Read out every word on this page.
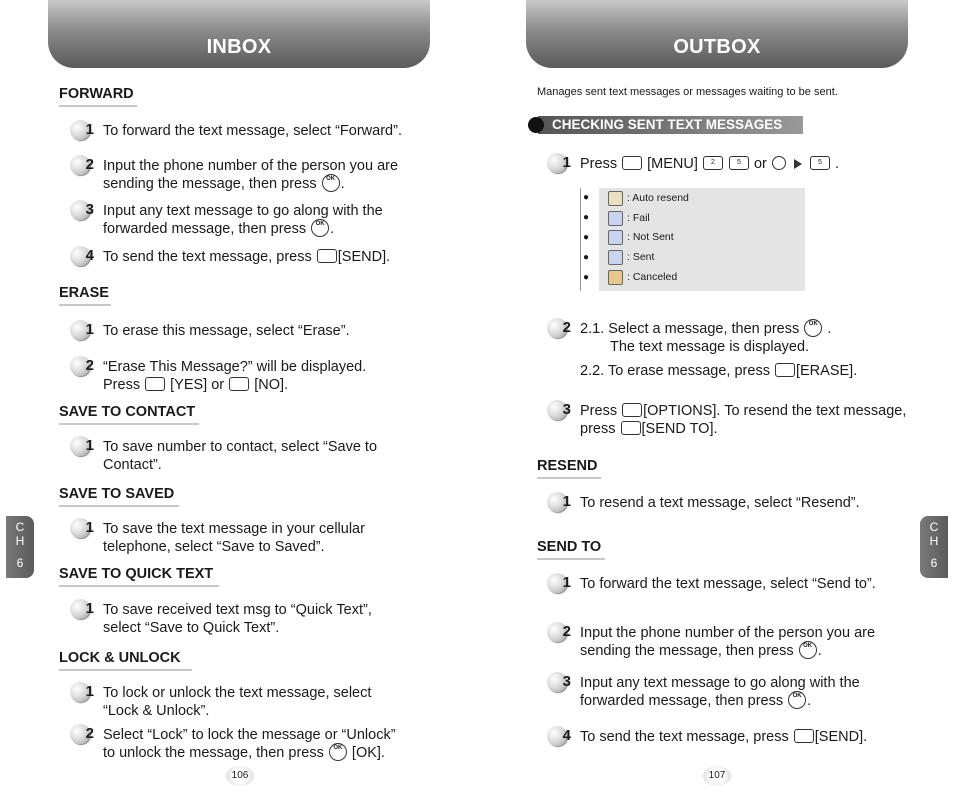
INBOX
FORWARD
1 To forward the text message, select “Forward”.
2 Input the phone number of the person you are
sending the message, then press OK .
3 Input any text message to go along with the
forwarded message, then press OK .
4 To send the text message, press [SEND].
ERASE
1 To erase this message, select “Erase”.
2 “Erase This Message?” will be displayed.
Press [YES] or [NO].
SAVE TO CONTACT
1 To save number to contact, select “Save to
Contact”.
SAVE TO SAVED
1 To save the text message in your cellular
telephone, select “Save to Saved”.
SAVE TO QUICK TEXT
1 To save received text msg to “Quick Text”,
select “Save to Quick Text”.
LOCK & UNLOCK
1 To lock or unlock the text message, select
“Lock & Unlock”.
2 Select “Lock” to lock the message or “Unlock”
to unlock the message, then press OK [OK].
C
H
6
106
OUTBOX
Manages sent text messages or messages waiting to be sent.
CHECKING SENT TEXT MESSAGES
1 Press [MENU] 2	5 or	5 .
●
●
●
●
●
: Auto resend
: Fail
: Not Sent
: Sent
: Canceled
2 2.1. Select a message, then press OK .
The text message is displayed.
2.2. To erase message, press [ERASE].
3 Press [OPTIONS]. To resend the text message,
press [SEND TO].
RESEND
1 To resend a text message, select “Resend”.
SEND TO
1 To forward the text message, select “Send to”.
2 Input the phone number of the person you are
sending the message, then press OK .
3 Input any text message to go along with the
forwarded message, then press OK .
4 To send the text message, press [SEND].
C
H
6
107
